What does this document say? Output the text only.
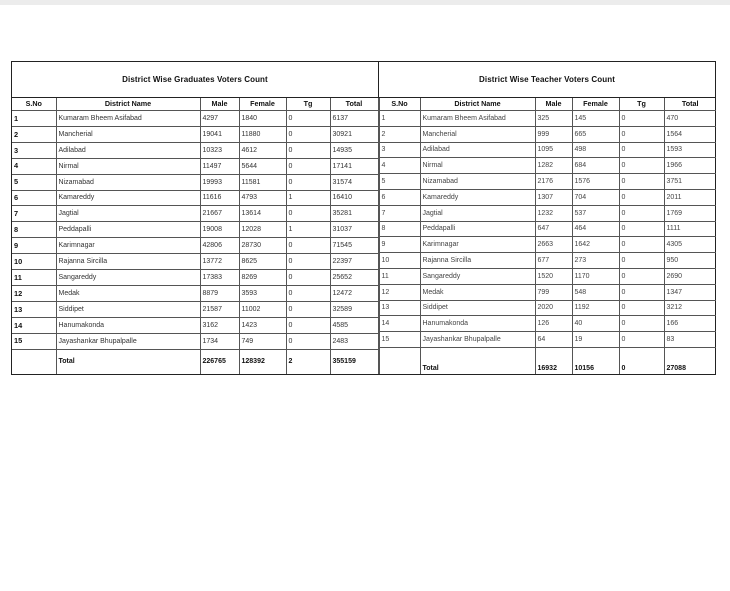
District Wise Graduates Voters Count	District Wise Teacher Voters Count
S.No	District Name	Male	Female	Tg	Total
1	Kumaram Bheem Asifabad	4297	1840	0	6137
2	Mancherial	19041	11880	0	30921
3	Adilabad	10323	4612	0	14935
4	Nirmal	11497	5644	0	17141
5	Nizamabad	19993	11581	0	31574
6	Kamareddy	11616	4793	1	16410
7	Jagtial	21667	13614	0	35281
8	Peddapalli	19008	12028	1	31037
9	Karimnagar	42806	28730	0	71545
10	Rajanna Sircilla	13772	8625	0	22397
11	Sangareddy	17383	8269	0	25652
12	Medak	8879	3593	0	12472
13	Siddipet	21587	11002	0	32589
14	Hanumakonda	3162	1423	0	4585
15	Jayashankar Bhupalpalle	1734	749	0	2483
	Total	226765	128392	2	355159
S.No	District Name	Male	Female	Tg	Total
1	Kumaram Bheem Asifabad	325	145	0	470
2	Mancherial	999	665	0	1564
3	Adilabad	1095	498	0	1593
4	Nirmal	1282	684	0	1966
5	Nizamabad	2176	1576	0	3751
6	Kamareddy	1307	704	0	2011
7	Jagtial	1232	537	0	1769
8	Peddapalli	647	464	0	1111
9	Karimnagar	2663	1642	0	4305
10	Rajanna Sircilla	677	273	0	950
11	Sangareddy	1520	1170	0	2690
12	Medak	799	548	0	1347
13	Siddipet	2020	1192	0	3212
14	Hanumakonda	126	40	0	166
15	Jayashankar Bhupalpalle	64	19	0	83
	Total	16932	10156	0	27088
